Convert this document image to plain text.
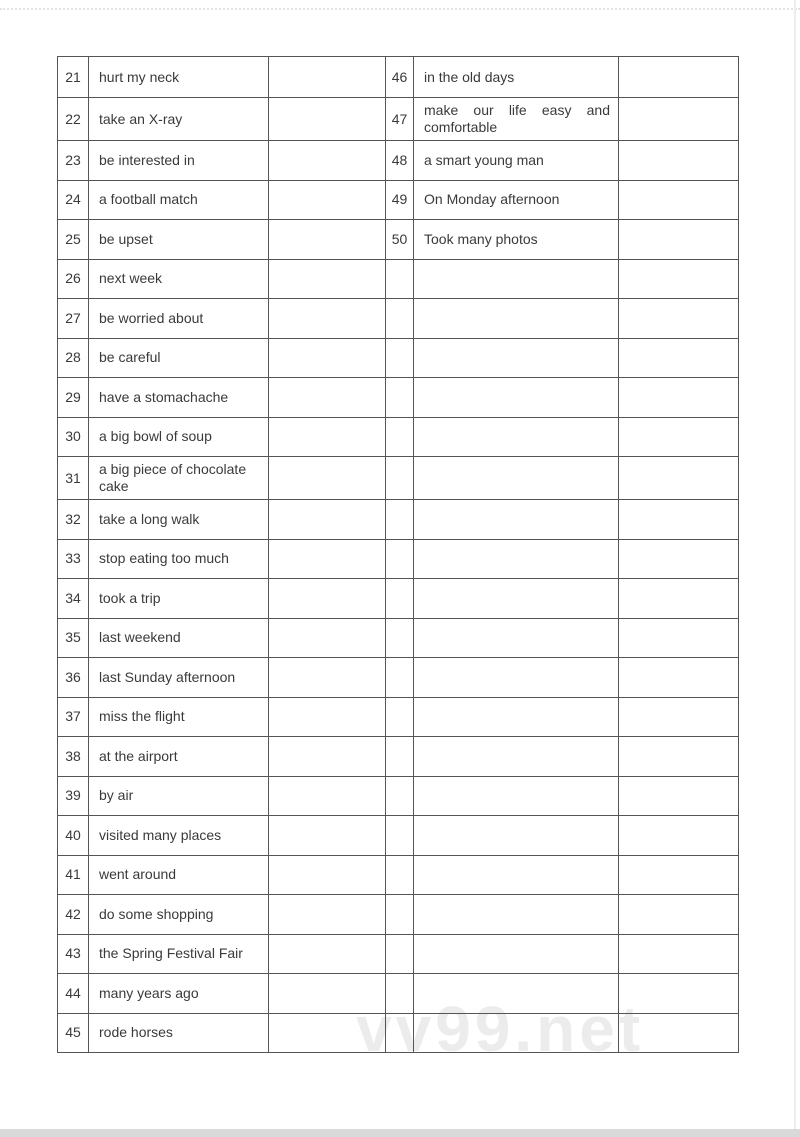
vv99.net
21	hurt my neck		46	in the old days	
22	take an X-ray		47	make our life easy and comfortable	
23	be interested in		48	a smart young man	
24	a football match		49	On Monday afternoon	
25	be upset		50	Took many photos	
26	next week				
27	be worried about				
28	be careful				
29	have a stomachache				
30	a big bowl of soup				
31	a big piece of chocolate cake				
32	take a long walk				
33	stop eating too much				
34	took a trip				
35	last weekend				
36	last Sunday afternoon				
37	miss the flight				
38	at the airport				
39	by air				
40	visited many places				
41	went around				
42	do some shopping				
43	the Spring Festival Fair				
44	many years ago				
45	rode horses				
